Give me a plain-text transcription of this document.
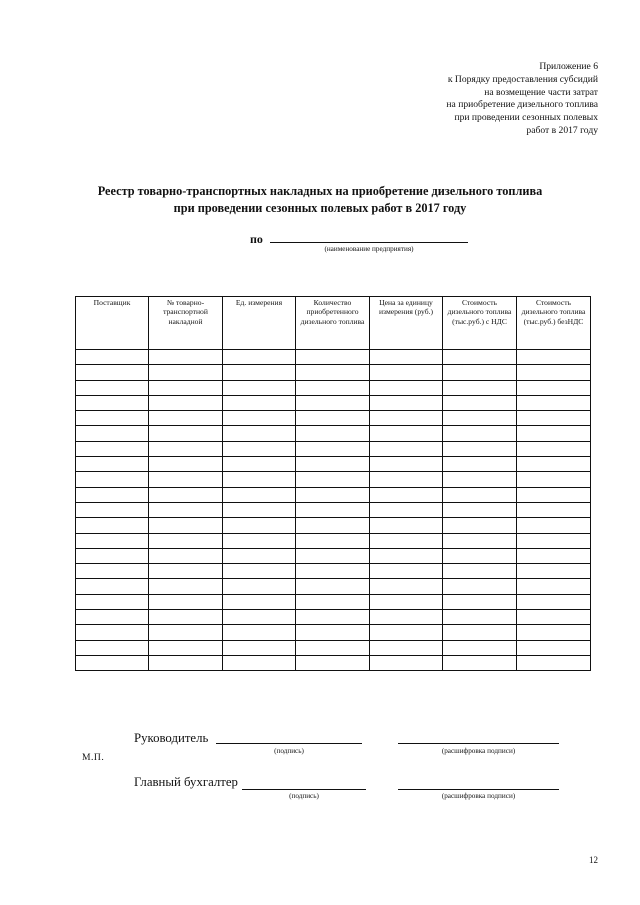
Приложение 6
к Порядку предоставления субсидий
на возмещение части затрат
на приобретение дизельного топлива
при проведении сезонных полевых
работ в 2017 году
Реестр товарно-транспортных накладных на приобретение дизельного топлива
при проведении сезонных полевых работ в 2017 году
по
(наименование предприятия)
Поставщик	№ товарно-транспортной накладной	Ед. измерения	Количество приобретенного дизельного топлива	Цена за единицу измерения (руб.)	Стоимость дизельного топлива (тыс.руб.) с НДС	Стоимость дизельного топлива (тыс.руб.) безНДС

М.П.
Руководитель
(подпись)	(расшифровка подписи)
Главный бухгалтер
(подпись)	(расшифровка подписи)
12
